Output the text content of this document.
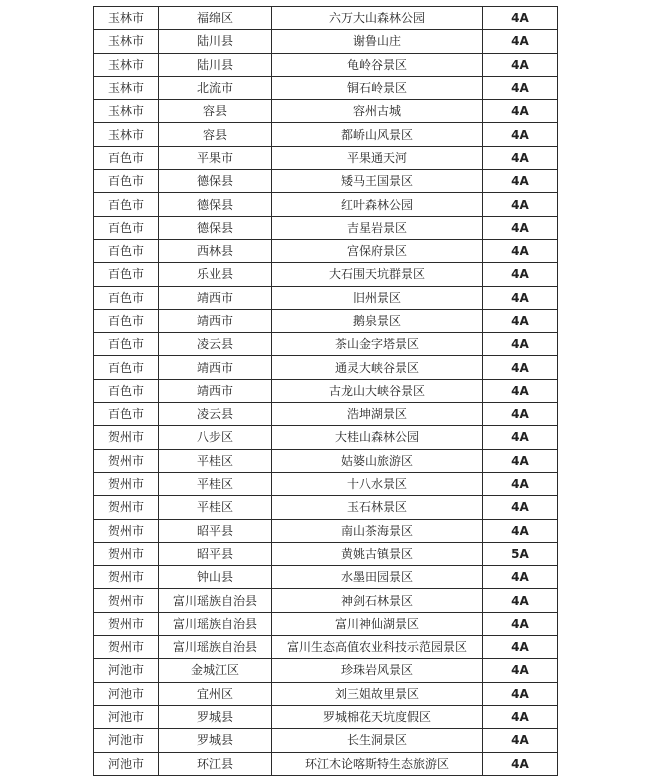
玉林市	福绵区	六万大山森林公园	4A
玉林市	陆川县	谢鲁山庄	4A
玉林市	陆川县	龟岭谷景区	4A
玉林市	北流市	铜石岭景区	4A
玉林市	容县	容州古城	4A
玉林市	容县	都峤山风景区	4A
百色市	平果市	平果通天河	4A
百色市	德保县	矮马王国景区	4A
百色市	德保县	红叶森林公园	4A
百色市	德保县	吉星岩景区	4A
百色市	西林县	宫保府景区	4A
百色市	乐业县	大石围天坑群景区	4A
百色市	靖西市	旧州景区	4A
百色市	靖西市	鹅泉景区	4A
百色市	凌云县	茶山金字塔景区	4A
百色市	靖西市	通灵大峡谷景区	4A
百色市	靖西市	古龙山大峡谷景区	4A
百色市	凌云县	浩坤湖景区	4A
贺州市	八步区	大桂山森林公园	4A
贺州市	平桂区	姑婆山旅游区	4A
贺州市	平桂区	十八水景区	4A
贺州市	平桂区	玉石林景区	4A
贺州市	昭平县	南山茶海景区	4A
贺州市	昭平县	黄姚古镇景区	5A
贺州市	钟山县	水墨田园景区	4A
贺州市	富川瑶族自治县	神剑石林景区	4A
贺州市	富川瑶族自治县	富川神仙湖景区	4A
贺州市	富川瑶族自治县	富川生态高值农业科技示范园景区	4A
河池市	金城江区	珍珠岩风景区	4A
河池市	宜州区	刘三姐故里景区	4A
河池市	罗城县	罗城棉花天坑度假区	4A
河池市	罗城县	长生洞景区	4A
河池市	环江县	环江木论喀斯特生态旅游区	4A
